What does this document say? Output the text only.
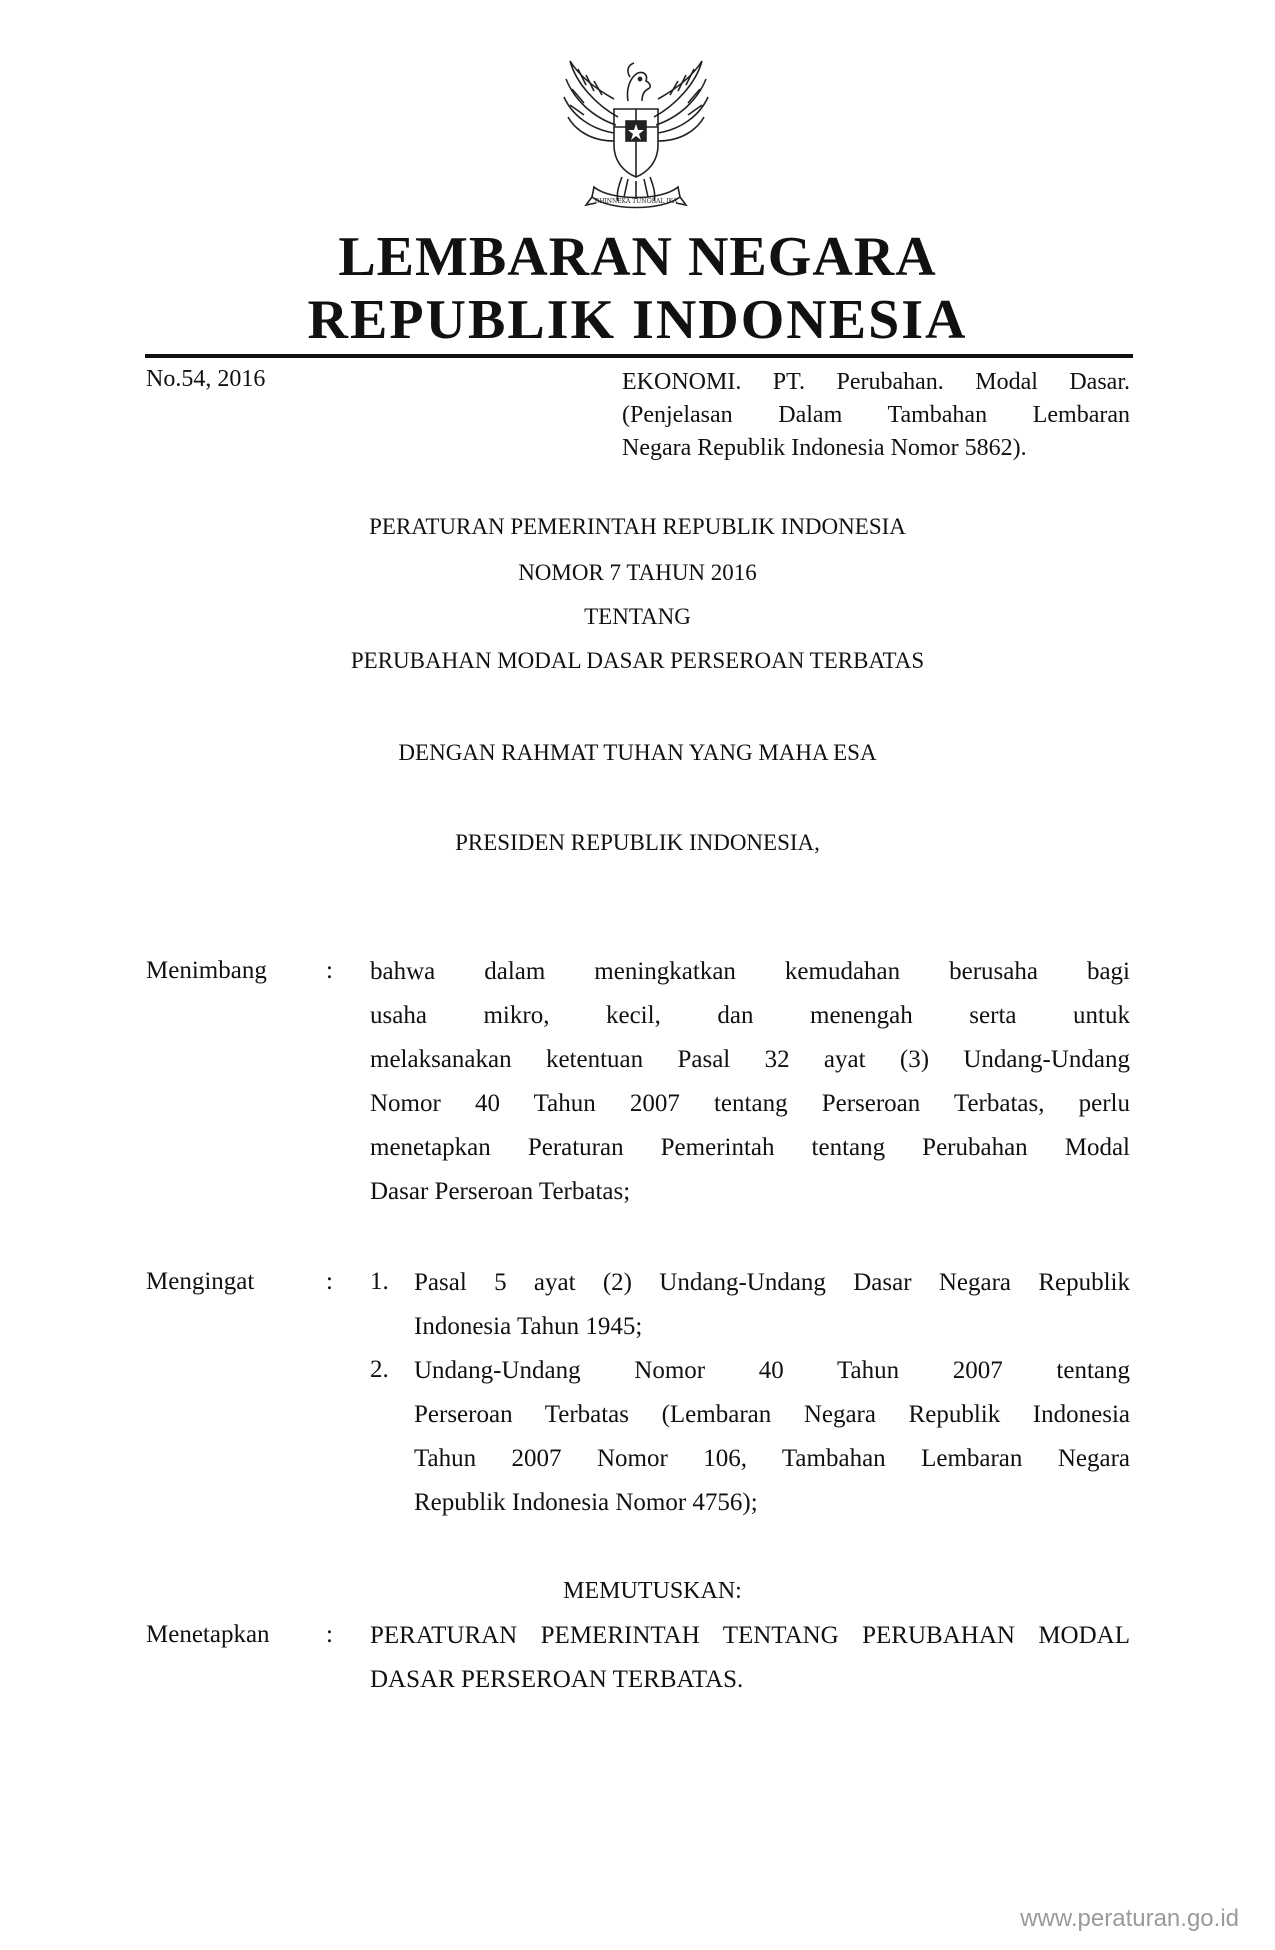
BHINNEKA TUNGGAL IKA
LEMBARAN NEGARA
REPUBLIK INDONESIA
No.54, 2016	EKONOMI. PT. Perubahan. Modal Dasar.
(Penjelasan Dalam Tambahan Lembaran
Negara Republik Indonesia Nomor 5862).
PERATURAN PEMERINTAH REPUBLIK INDONESIA
NOMOR 7 TAHUN 2016
TENTANG
PERUBAHAN MODAL DASAR PERSEROAN TERBATAS
DENGAN RAHMAT TUHAN YANG MAHA ESA
PRESIDEN REPUBLIK INDONESIA,
Menimbang : bahwa dalam meningkatkan kemudahan berusaha bagi
usaha mikro, kecil, dan menengah serta untuk
melaksanakan ketentuan Pasal 32 ayat (3) Undang-Undang
Nomor 40 Tahun 2007 tentang Perseroan Terbatas, perlu
menetapkan Peraturan Pemerintah tentang Perubahan Modal
Dasar Perseroan Terbatas;
Mengingat	: 1. Pasal 5 ayat (2) Undang-Undang Dasar Negara Republik
Indonesia Tahun 1945;
2. Undang-Undang Nomor 40 Tahun 2007 tentang
Perseroan Terbatas (Lembaran Negara Republik Indonesia
Tahun 2007 Nomor 106, Tambahan Lembaran Negara
Republik Indonesia Nomor 4756);
MEMUTUSKAN:
Menetapkan : PERATURAN PEMERINTAH TENTANG PERUBAHAN MODAL
DASAR PERSEROAN TERBATAS.
www.peraturan.go.id
